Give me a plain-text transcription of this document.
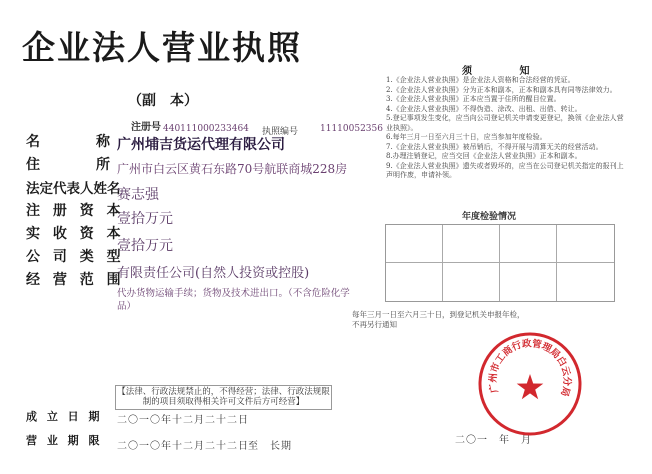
企业法人营业执照
（副　本）
注册号 440111000233464 执照编号 11110052356
名　　　　称
住　　　　所
法定代表人姓名
注 册 资 本
实 收 资 本
公 司 类 型
经 营 范 围
广州埔吉货运代理有限公司
广州市白云区黄石东路70号航联商城228房
赛志强
壹拾万元
壹拾万元
有限责任公司(自然人投资或控股)
代办货物运输手续；货物及技术进出口。（不含危险化学品）
【法律、行政法规禁止的，不得经营；法律、行政法规限制的项目须取得相关许可文件后方可经营】
成 立 日 期 二〇一〇年十二月二十二日
营 业 期 限 二〇一〇年十二月二十二日 至　长期
须 知
1.《企业法人营业执照》是企业法人资格和合法经营的凭证。
2.《企业法人营业执照》分为正本和副本，正本和副本具有同等法律效力。
3.《企业法人营业执照》正本应当置于住所的醒目位置。
4.《企业法人营业执照》不得伪造、涂改、出租、出借、转让。
5.登记事项发生变化，应当向公司登记机关申请变更登记，换领《企业法人营业执照》。
6.每年三月一日至六月三十日，应当参加年度检验。
7.《企业法人营业执照》被吊销后，不得开展与清算无关的经营活动。
8.办理注销登记，应当交回《企业法人营业执照》正本和副本。
9.《企业法人营业执照》遗失或者毁坏的，应当在公司登记机关指定的报刊上声明作废，申请补领。
年度检验情况
每年三月一日至六月三十日，到登记机关申报年检，
不再另行通知
二〇一　年　月
广州市工商行政管理局白云分局
